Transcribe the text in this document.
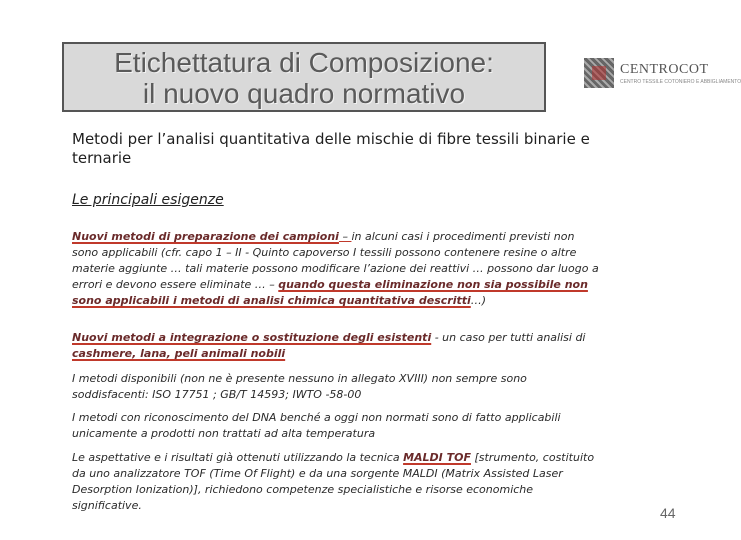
Etichettatura di Composizione:
il nuovo quadro normativo
CENTROCOT
CENTRO TESSILE COTONIERO E ABBIGLIAMENTO
Metodi per l’analisi quantitativa delle mischie di fibre tessili binarie e ternarie
Le principali esigenze
Nuovi metodi di preparazione dei campioni – in alcuni casi i procedimenti previsti non sono applicabili (cfr. capo 1 – II - Quinto capoverso I tessili possono contenere resine o altre materie aggiunte … tali materie possono modificare l’azione dei reattivi … possono dar luogo a errori e devono essere eliminate … – quando questa eliminazione non sia possibile non sono applicabili i metodi di analisi chimica quantitativa descritti…)
Nuovi metodi a integrazione o sostituzione degli esistenti - un caso per tutti analisi di cashmere, lana, peli animali nobili
I metodi disponibili (non ne è presente nessuno in allegato XVIII) non sempre sono soddisfacenti: ISO 17751 ; GB/T 14593; IWTO -58-00
I metodi con riconoscimento del DNA benché a oggi non normati sono di fatto applicabili unicamente a prodotti non trattati ad alta temperatura
Le aspettative e i risultati già ottenuti utilizzando la tecnica MALDI TOF [strumento, costituito da uno analizzatore TOF (Time Of Flight) e da una sorgente MALDI (Matrix Assisted Laser Desorption Ionization)], richiedono competenze specialistiche e risorse economiche significative.	44
